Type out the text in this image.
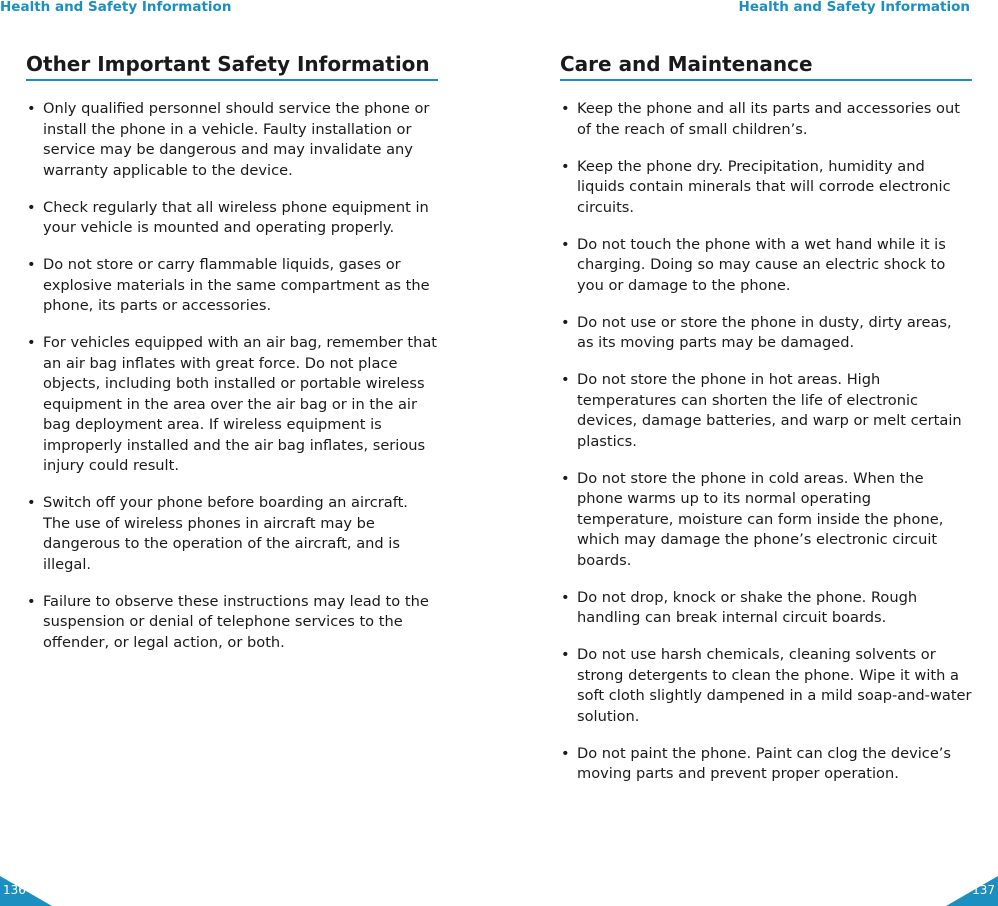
Health and Safety Information
Other Important Safety Information
• Only qualified personnel should service the phone or install the phone in a vehicle. Faulty installation or service may be dangerous and may invalidate any warranty applicable to the device.
• Check regularly that all wireless phone equipment in your vehicle is mounted and operating properly.
• Do not store or carry flammable liquids, gases or explosive materials in the same compartment as the phone, its parts or accessories.
• For vehicles equipped with an air bag, remember that an air bag inflates with great force. Do not place objects, including both installed or portable wireless equipment in the area over the air bag or in the air bag deployment area. If wireless equipment is improperly installed and the air bag inflates, serious injury could result.
• Switch off your phone before boarding an aircraft. The use of wireless phones in aircraft may be dangerous to the operation of the aircraft, and is illegal.
• Failure to observe these instructions may lead to the suspension or denial of telephone services to the offender, or legal action, or both.
136
Health and Safety Information
Care and Maintenance
• Keep the phone and all its parts and accessories out of the reach of small children’s.
• Keep the phone dry. Precipitation, humidity and liquids contain minerals that will corrode electronic circuits.
• Do not touch the phone with a wet hand while it is charging. Doing so may cause an electric shock to you or damage to the phone.
• Do not use or store the phone in dusty, dirty areas, as its moving parts may be damaged.
• Do not store the phone in hot areas. High temperatures can shorten the life of electronic devices, damage batteries, and warp or melt certain plastics.
• Do not store the phone in cold areas. When the phone warms up to its normal operating temperature, moisture can form inside the phone, which may damage the phone’s electronic circuit boards.
• Do not drop, knock or shake the phone. Rough handling can break internal circuit boards.
• Do not use harsh chemicals, cleaning solvents or strong detergents to clean the phone. Wipe it with a soft cloth slightly dampened in a mild soap-and-water solution.
• Do not paint the phone. Paint can clog the device’s moving parts and prevent proper operation.
137
